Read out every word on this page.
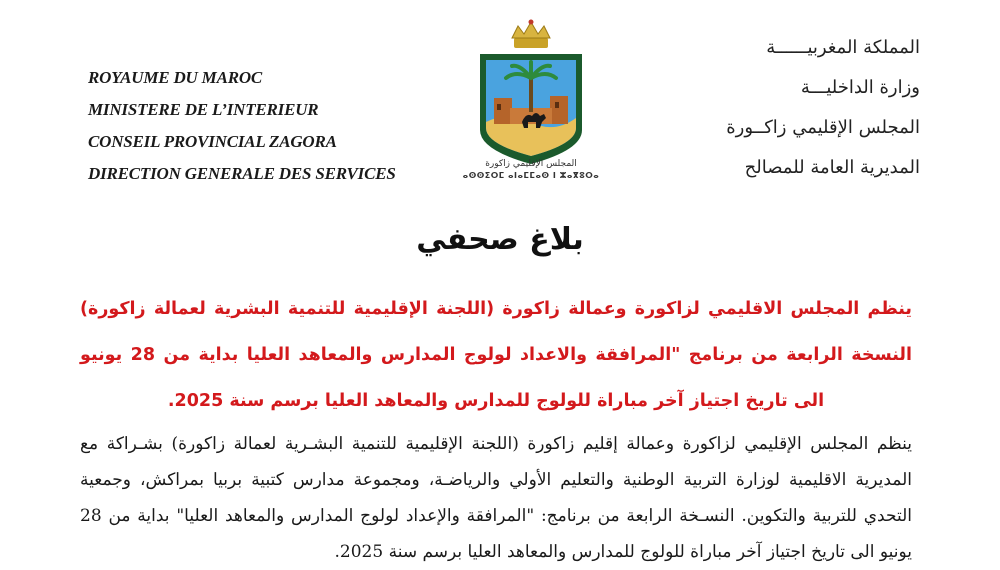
ROYAUME DU MAROC
MINISTERE DE L’INTERIEUR
CONSEIL PROVINCIAL ZAGORA
DIRECTION GENERALE DES SERVICES	المجلس الإقليمي زاكورة
ⴰⵙⵙⵉⵔⵎ ⴰⵏⴰⵎⵎⴰⵙ ⵏ ⵣⴰⴳⵓⵔⴰ
المملكة المغربيــــــة
وزارة الداخليـــة
المجلس الإقليمي زاكــورة
المديرية العامة للمصالح
بلاغ صحفي
ينظم المجلس الاقليمي لزاكورة وعمالة زاكورة (اللجنة الإقليمية للتنمية البشرية لعمالة زاكورة) النسخة الرابعة من برنامج "المرافقة والاعداد لولوج المدارس والمعاهد العليا بداية من 28 يونيو الى تاريخ اجتياز آخر مباراة للولوج للمدارس والمعاهد العليا برسم سنة 2025.
ينظم المجلس الإقليمي لزاكورة وعمالة إقليم زاكورة (اللجنة الإقليمية للتنمية البشـرية لعمالة زاكورة) بشـراكة مع المديرية الاقليمية لوزارة التربية الوطنية والتعليم الأولي والرياضـة، ومجموعة مدارس كتبية بربيا بمراكش، وجمعية التحدي للتربية والتكوين. النسـخة الرابعة من برنامج: "المرافقة والإعداد لولوج المدارس والمعاهد العليا" بداية من 28 يونيو الى تاريخ اجتياز آخر مباراة للولوج للمدارس والمعاهد العليا برسم سنة 2025.
